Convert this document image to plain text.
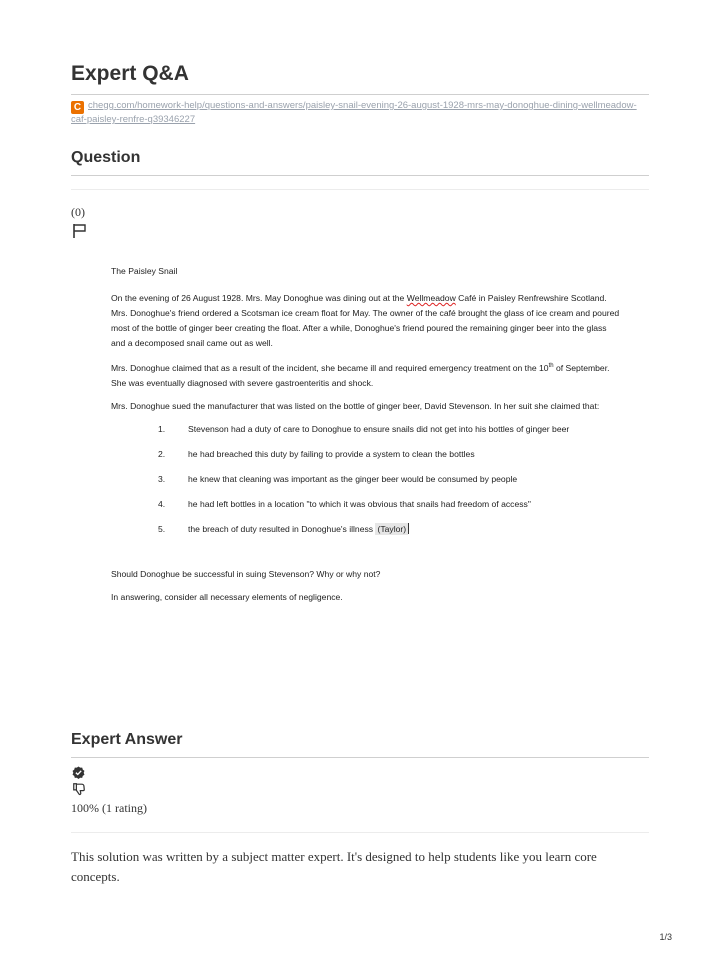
Expert Q&A
C chegg.com/homework-help/questions-and-answers/paisley-snail-evening-26-august-1928-mrs-may-donoghue-dining-wellmeadow-caf-paisley-renfre-q39346227
Question
(0)

The Paisley Snail

On the evening of 26 August 1928. Mrs. May Donoghue was dining out at the Wellmeadow Café in Paisley Renfrewshire Scotland. Mrs. Donoghue's friend ordered a Scotsman ice cream float for May. The owner of the café brought the glass of ice cream and poured most of the bottle of ginger beer creating the float. After a while, Donoghue's friend poured the remaining ginger beer into the glass and a decomposed snail came out as well.

Mrs. Donoghue claimed that as a result of the incident, she became ill and required emergency treatment on the 10th of September. She was eventually diagnosed with severe gastroenteritis and shock.

Mrs. Donoghue sued the manufacturer that was listed on the bottle of ginger beer, David Stevenson. In her suit she claimed that:

1.	Stevenson had a duty of care to Donoghue to ensure snails did not get into his bottles of ginger beer
2.	he had breached this duty by failing to provide a system to clean the bottles
3.	he knew that cleaning was important as the ginger beer would be consumed by people
4.	he had left bottles in a location "to which it was obvious that snails had freedom of access"
5.	the breach of duty resulted in Donoghue's illness (Taylor)

Should Donoghue be successful in suing Stevenson? Why or why not?

In answering, consider all necessary elements of negligence.

Expert Answer
100% (1 rating)
This solution was written by a subject matter expert. It's designed to help students like you learn core concepts.
1/3
